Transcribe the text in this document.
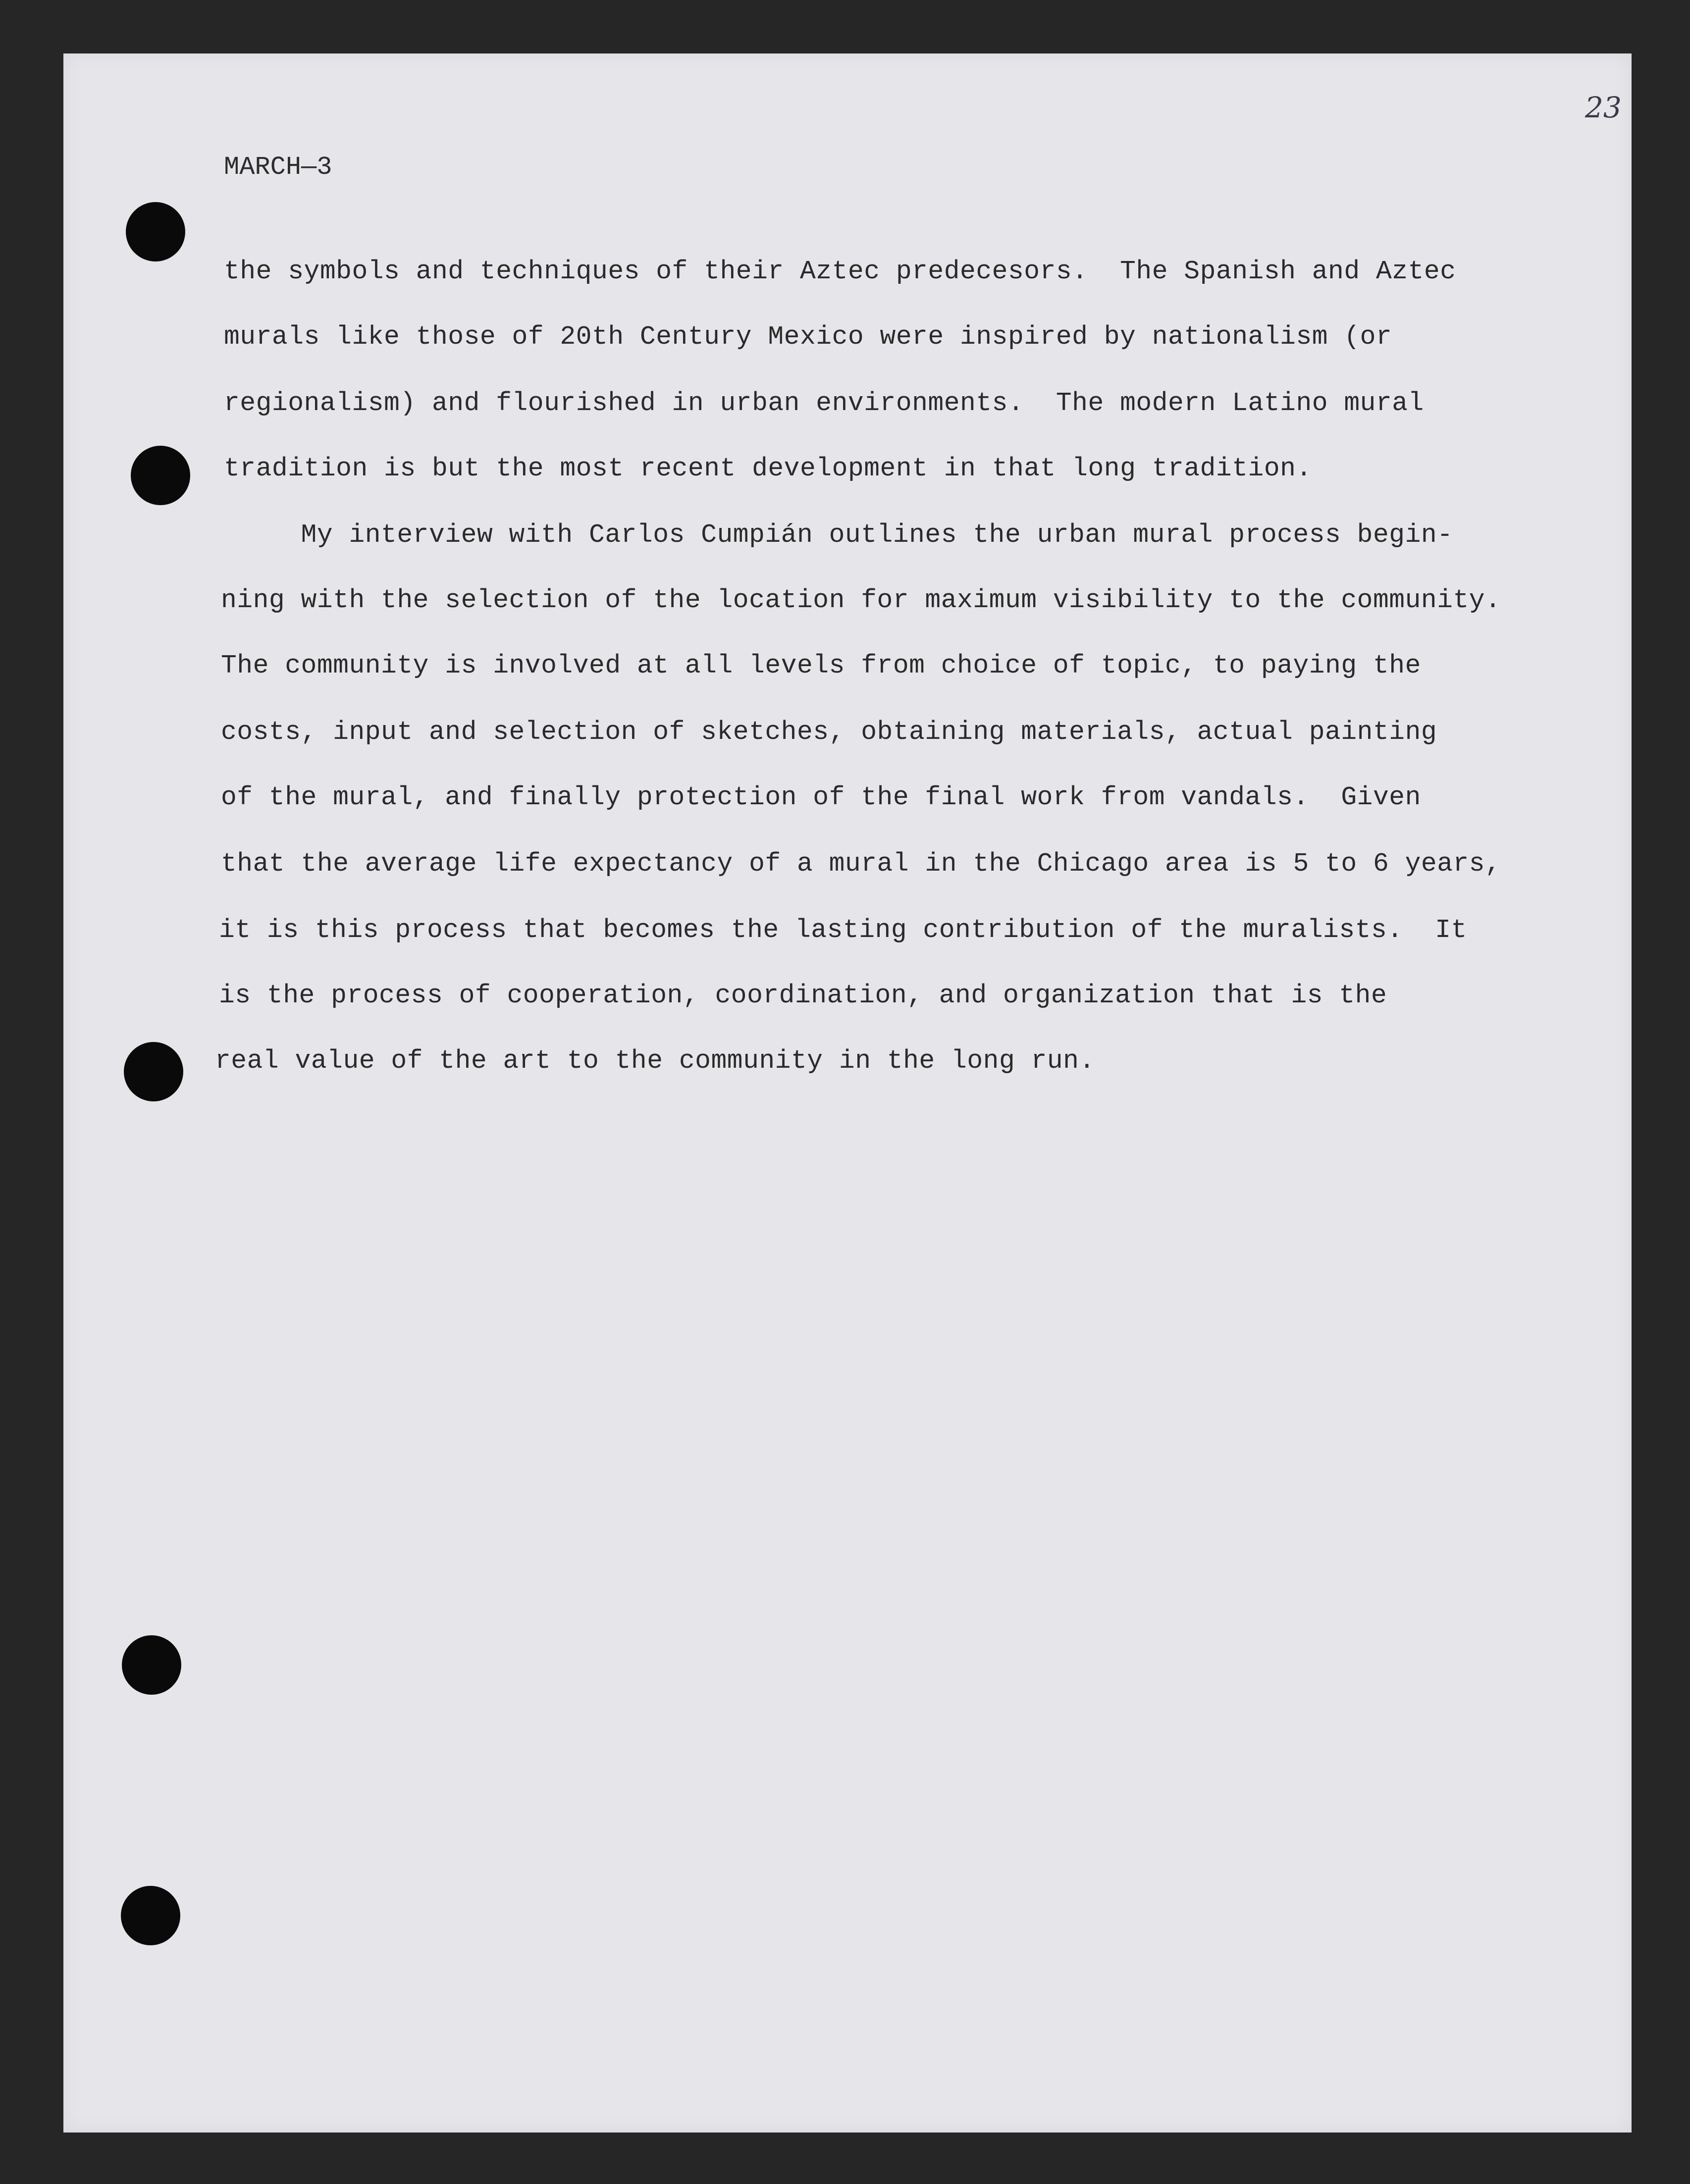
23
MARCH—3
the symbols and techniques of their Aztec predecesors.  The Spanish and Aztec
murals like those of 20th Century Mexico were inspired by nationalism (or
regionalism) and flourished in urban environments.  The modern Latino mural
tradition is but the most recent development in that long tradition.
My interview with Carlos Cumpián outlines the urban mural process begin-
ning with the selection of the location for maximum visibility to the community.
The community is involved at all levels from choice of topic, to paying the
costs, input and selection of sketches, obtaining materials, actual painting
of the mural, and finally protection of the final work from vandals.  Given
that the average life expectancy of a mural in the Chicago area is 5 to 6 years,
it is this process that becomes the lasting contribution of the muralists.  It
is the process of cooperation, coordination, and organization that is the
real value of the art to the community in the long run.
